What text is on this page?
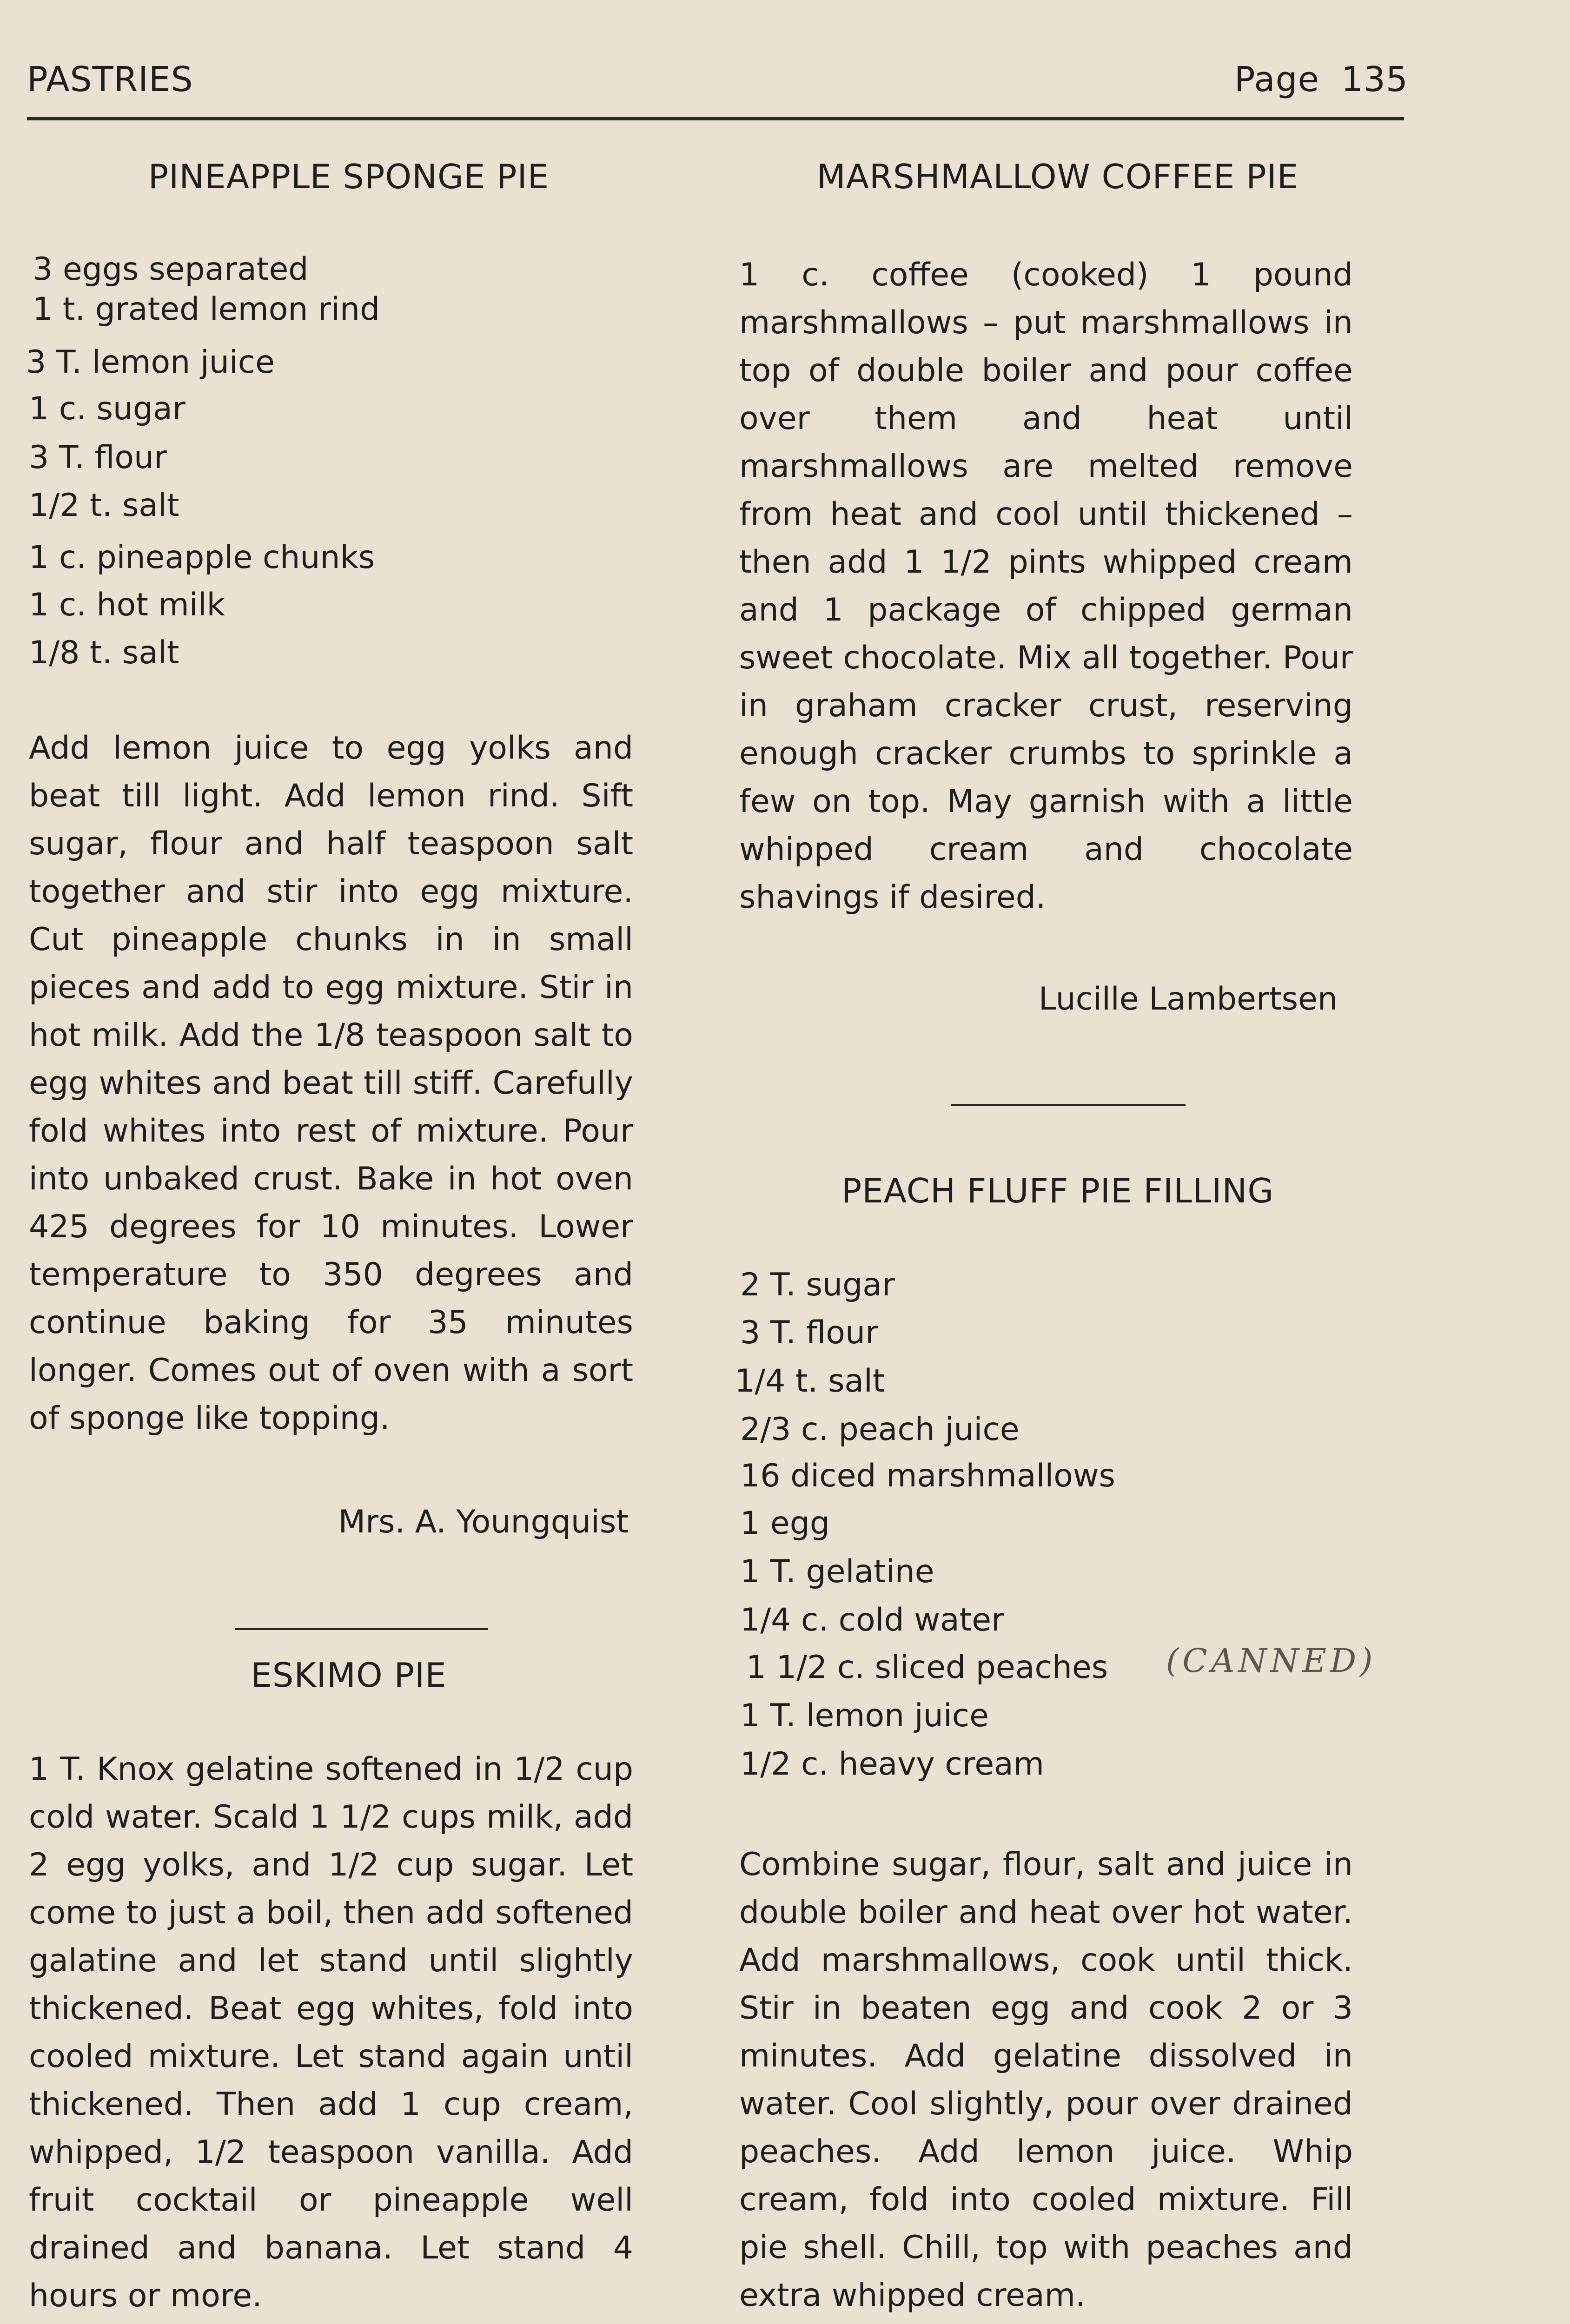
PASTRIES	Page 135
PINEAPPLE SPONGE PIE
3 eggs separated
1 t. grated lemon rind
3 T. lemon juice
1 c. sugar
3 T. flour
1/2 t. salt
1 c. pineapple chunks
1 c. hot milk
1/8 t. salt
Add lemon juice to egg yolks and beat till light. Add lemon rind. Sift sugar, flour and half teaspoon salt together and stir into egg mixture. Cut pineapple chunks in in small pieces and add to egg mixture. Stir in hot milk. Add the 1/8 teaspoon salt to egg whites and beat till stiff. Carefully fold whites into rest of mixture. Pour into unbaked crust. Bake in hot oven 425 degrees for 10 minutes. Lower temperature to 350 degrees and continue baking for 35 minutes longer. Comes out of oven with a sort of sponge like topping.
Mrs. A. Youngquist
ESKIMO PIE
1 T. Knox gelatine softened in 1/2 cup cold water. Scald 1 1/2 cups milk, add 2 egg yolks, and 1/2 cup sugar. Let come to just a boil, then add softened galatine and let stand until slightly thickened. Beat egg whites, fold into cooled mixture. Let stand again until thickened. Then add 1 cup cream, whipped, 1/2 teaspoon vanilla. Add fruit cocktail or pineapple well drained and banana. Let stand 4 hours or more.
MARSHMALLOW COFFEE PIE
1 c. coffee (cooked) 1 pound marshmallows – put marshmallows in top of double boiler and pour coffee over them and heat until marshmallows are melted remove from heat and cool until thickened – then add 1 1/2 pints whipped cream and 1 package of chipped german sweet chocolate. Mix all together. Pour in graham cracker crust, reserving enough cracker crumbs to sprinkle a few on top. May garnish with a little whipped cream and chocolate shavings if desired.
Lucille Lambertsen
PEACH FLUFF PIE FILLING
2 T. sugar
3 T. flour
1/4 t. salt
2/3 c. peach juice
16 diced marshmallows
1 egg
1 T. gelatine
1/4 c. cold water
1 1/2 c. sliced peaches (CANNED)
1 T. lemon juice
1/2 c. heavy cream
Combine sugar, flour, salt and juice in double boiler and heat over hot water. Add marshmallows, cook until thick. Stir in beaten egg and cook 2 or 3 minutes. Add gelatine dissolved in water. Cool slightly, pour over drained peaches. Add lemon juice. Whip cream, fold into cooled mixture. Fill pie shell. Chill, top with peaches and extra whipped cream.
